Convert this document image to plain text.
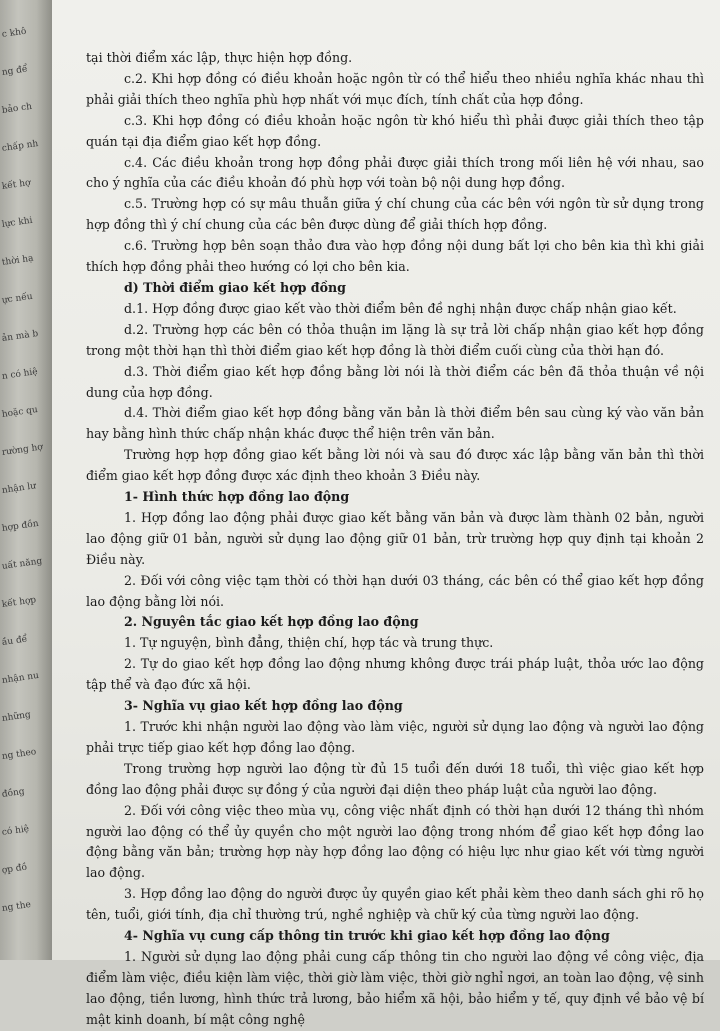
c khô
ng để
bảo ch
chấp nh
kết hợ
lực khi
thời hạ
ực nếu
ản mà b
n có hiệ
hoặc qu
rường hợ
nhận lư
hợp đồn
uất năng
kết hợp
ầu để
nhận nu
những
ng theo
đồng
có hiệ
ợp đồ
ng the

tại thời điểm xác lập, thực hiện hợp đồng.

c.2. Khi hợp đồng có điều khoản hoặc ngôn từ có thể hiểu theo nhiều nghĩa khác nhau thì phải giải thích theo nghĩa phù hợp nhất với mục đích, tính chất của hợp đồng.

c.3. Khi hợp đồng có điều khoản hoặc ngôn từ khó hiểu thì phải được giải thích theo tập quán tại địa điểm giao kết hợp đồng.

c.4. Các điều khoản trong hợp đồng phải được giải thích trong mối liên hệ với nhau, sao cho ý nghĩa của các điều khoản đó phù hợp với toàn bộ nội dung hợp đồng.

c.5. Trường hợp có sự mâu thuẫn giữa ý chí chung của các bên với ngôn từ sử dụng trong hợp đồng thì ý chí chung của các bên được dùng để giải thích hợp đồng.

c.6. Trường hợp bên soạn thảo đưa vào hợp đồng nội dung bất lợi cho bên kia thì khi giải thích hợp đồng phải theo hướng có lợi cho bên kia.

d) Thời điểm giao kết hợp đồng

d.1. Hợp đồng được giao kết vào thời điểm bên đề nghị nhận được chấp nhận giao kết.

d.2. Trường hợp các bên có thỏa thuận im lặng là sự trả lời chấp nhận giao kết hợp đồng trong một thời hạn thì thời điểm giao kết hợp đồng là thời điểm cuối cùng của thời hạn đó.

d.3. Thời điểm giao kết hợp đồng bằng lời nói là thời điểm các bên đã thỏa thuận về nội dung của hợp đồng.

d.4. Thời điểm giao kết hợp đồng bằng văn bản là thời điểm bên sau cùng ký vào văn bản hay bằng hình thức chấp nhận khác được thể hiện trên văn bản.

Trường hợp hợp đồng giao kết bằng lời nói và sau đó được xác lập bằng văn bản thì thời điểm giao kết hợp đồng được xác định theo khoản 3 Điều này.

1- Hình thức hợp đồng lao động

1. Hợp đồng lao động phải được giao kết bằng văn bản và được làm thành 02 bản, người lao động giữ 01 bản, người sử dụng lao động giữ 01 bản, trừ trường hợp quy định tại khoản 2 Điều này.

2. Đối với công việc tạm thời có thời hạn dưới 03 tháng, các bên có thể giao kết hợp đồng lao động bằng lời nói.

2. Nguyên tắc giao kết hợp đồng lao động

1. Tự nguyện, bình đẳng, thiện chí, hợp tác và trung thực.

2. Tự do giao kết hợp đồng lao động nhưng không được trái pháp luật, thỏa ước lao động tập thể và đạo đức xã hội.

3- Nghĩa vụ giao kết hợp đồng lao động

1. Trước khi nhận người lao động vào làm việc, người sử dụng lao động và người lao động phải trực tiếp giao kết hợp đồng lao động.

Trong trường hợp người lao động từ đủ 15 tuổi đến dưới 18 tuổi, thì việc giao kết hợp đồng lao động phải được sự đồng ý của người đại diện theo pháp luật của người lao động.

2. Đối với công việc theo mùa vụ, công việc nhất định có thời hạn dưới 12 tháng thì nhóm người lao động có thể ủy quyền cho một người lao động trong nhóm để giao kết hợp đồng lao động bằng văn bản; trường hợp này hợp đồng lao động có hiệu lực như giao kết với từng người lao động.

3. Hợp đồng lao động do người được ủy quyền giao kết phải kèm theo danh sách ghi rõ họ tên, tuổi, giới tính, địa chỉ thường trú, nghề nghiệp và chữ ký của từng người lao động.

4- Nghĩa vụ cung cấp thông tin trước khi giao kết hợp đồng lao động

1. Người sử dụng lao động phải cung cấp thông tin cho người lao động về công việc, địa điểm làm việc, điều kiện làm việc, thời giờ làm việc, thời giờ nghỉ ngơi, an toàn lao động, vệ sinh lao động, tiền lương, hình thức trả lương, bảo hiểm xã hội, bảo hiểm y tế, quy định về bảo vệ bí mật kinh doanh, bí mật công nghệ
